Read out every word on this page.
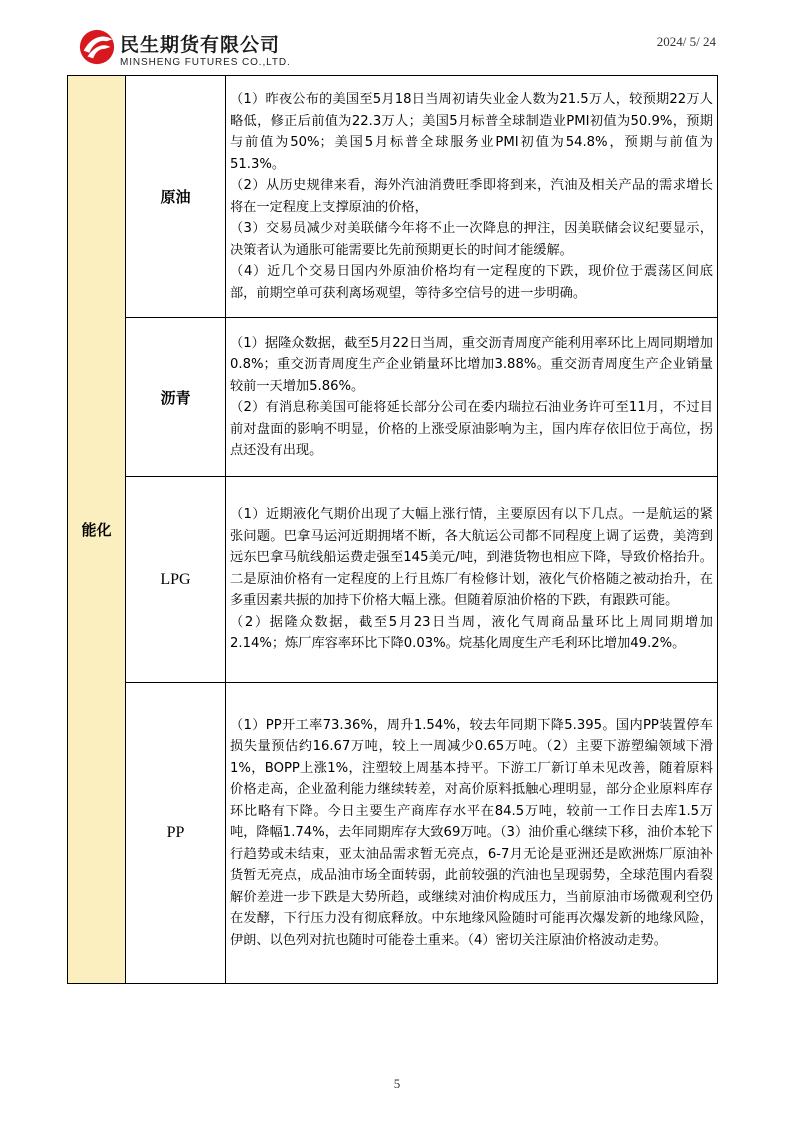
民生期货有限公司
MINSHENG FUTURES CO.,LTD.
2024/ 5/ 24
能化	原油	（1）昨夜公布的美国至5月18日当周初请失业金人数为21.5万人，较预期22万人略低，修正后前值为22.3万人；美国5月标普全球制造业PMI初值为50.9%，预期与前值为50%；美国5月标普全球服务业PMI初值为54.8%，预期与前值为51.3%。

（2）从历史规律来看，海外汽油消费旺季即将到来，汽油及相关产品的需求增长将在一定程度上支撑原油的价格，

（3）交易员减少对美联储今年将不止一次降息的押注，因美联储会议纪要显示，决策者认为通胀可能需要比先前预期更长的时间才能缓解。

（4）近几个交易日国内外原油价格均有一定程度的下跌，现价位于震荡区间底部，前期空单可获利离场观望，等待多空信号的进一步明确。

	沥青	（1）据隆众数据，截至5月22日当周，重交沥青周度产能利用率环比上周同期增加0.8%；重交沥青周度生产企业销量环比增加3.88%。重交沥青周度生产企业销量较前一天增加5.86%。

（2）有消息称美国可能将延长部分公司在委内瑞拉石油业务许可至11月，不过目前对盘面的影响不明显，价格的上涨受原油影响为主，国内库存依旧位于高位，拐点还没有出现。

	LPG	（1）近期液化气期价出现了大幅上涨行情，主要原因有以下几点。一是航运的紧张问题。巴拿马运河近期拥堵不断，各大航运公司都不同程度上调了运费，美湾到远东巴拿马航线船运费走强至145美元/吨，到港货物也相应下降，导致价格抬升。二是原油价格有一定程度的上行且炼厂有检修计划，液化气价格随之被动抬升，在多重因素共振的加持下价格大幅上涨。但随着原油价格的下跌，有跟跌可能。

（2）据隆众数据，截至5月23日当周，液化气周商品量环比上周同期增加2.14%；炼厂库容率环比下降0.03%。烷基化周度生产毛利环比增加49.2%。

	PP	（1）PP开工率73.36%，周升1.54%，较去年同期下降5.395。国内PP装置停车损失量预估约16.67万吨，较上一周减少0.65万吨。（2）主要下游塑编领域下滑1%，BOPP上涨1%，注塑较上周基本持平。下游工厂新订单未见改善，随着原料价格走高，企业盈利能力继续转差，对高价原料抵触心理明显，部分企业原料库存环比略有下降。今日主要生产商库存水平在84.5万吨，较前一工作日去库1.5万吨，降幅1.74%，去年同期库存大致69万吨。（3）油价重心继续下移，油价本轮下行趋势或未结束，亚太油品需求暂无亮点，6-7月无论是亚洲还是欧洲炼厂原油补货暂无亮点，成品油市场全面转弱，此前较强的汽油也呈现弱势，全球范围内看裂解价差进一步下跌是大势所趋，或继续对油价构成压力，当前原油市场微观利空仍在发酵，下行压力没有彻底释放。中东地缘风险随时可能再次爆发新的地缘风险，伊朗、以色列对抗也随时可能卷土重来。（4）密切关注原油价格波动走势。

5
